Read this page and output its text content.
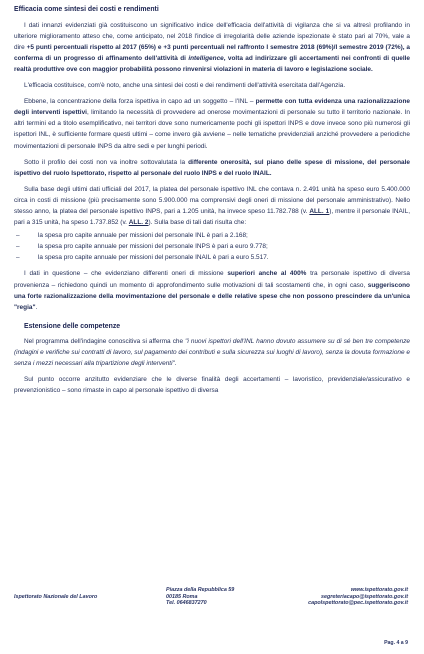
Efficacia come sintesi dei costi e rendimenti

I dati innanzi evidenziati già costituiscono un significativo indice dell'efficacia dell'attività di vigilanza che si va altresì profilando in ulteriore miglioramento atteso che, come anticipato, nel 2018 l'indice di irregolarità delle aziende ispezionate è stato pari al 70%, vale a dire +5 punti percentuali rispetto al 2017 (65%) e +3 punti percentuali nel raffronto I semestre 2018 (69%)/I semestre 2019 (72%), a conferma di un progresso di affinamento dell'attività di intelligence, volta ad indirizzare gli accertamenti nei confronti di quelle realtà produttive ove con maggior probabilità possono rinvenirsi violazioni in materia di lavoro e legislazione sociale.

L'efficacia costituisce, com'è noto, anche una sintesi dei costi e dei rendimenti dell'attività esercitata dall'Agenzia.

Ebbene, la concentrazione della forza ispettiva in capo ad un soggetto – l'INL – permette con tutta evidenza una razionalizzazione degli interventi ispettivi, limitando la necessità di provvedere ad onerose movimentazioni di personale su tutto il territorio nazionale. In altri termini ed a titolo esemplificativo, nei territori dove sono numericamente pochi gli ispettori INPS e dove invece sono più numerosi gli ispettori INL, è sufficiente formare questi ultimi – come invero già avviene – nelle tematiche previdenziali anziché provvedere a periodiche movimentazioni di personale INPS da altre sedi e per lunghi periodi.

Sotto il profilo dei costi non va inoltre sottovalutata la differente onerosità, sul piano delle spese di missione, del personale ispettivo del ruolo Ispettorato, rispetto al personale del ruolo INPS e del ruolo INAIL.

Sulla base degli ultimi dati ufficiali del 2017, la platea del personale ispettivo INL che contava n. 2.491 unità ha speso euro 5.400.000 circa in costi di missione (più precisamente sono 5.900.000 ma comprensivi degli oneri di missione del personale amministrativo). Nello stesso anno, la platea del personale ispettivo INPS, pari a 1.205 unità, ha invece speso 11.782.788 (v. ALL. 1), mentre il personale INAIL, pari a 315 unità, ha speso 1.737.852 (v. ALL. 2). Sulla base di tali dati risulta che:

–	la spesa pro capite annuale per missioni del personale INL è pari a 2.168;
–	la spesa pro capite annuale per missioni del personale INPS è pari a euro 9.778;
–	la spesa pro capite annuale per missioni del personale INAIL è pari a euro 5.517.

I dati in questione – che evidenziano differenti oneri di missione superiori anche al 400% tra personale ispettivo di diversa provenienza – richiedono quindi un momento di approfondimento sulle motivazioni di tali scostamenti che, in ogni caso, suggeriscono una forte razionalizzazione della movimentazione del personale e delle relative spese che non possono prescindere da un'unica "regia".

Estensione delle competenze

Nel programma dell'indagine conoscitiva si afferma che "i nuovi ispettori dell'INL hanno dovuto assumere su di sé ben tre competenze (indagini e verifiche sui contratti di lavoro, sul pagamento dei contributi e sulla sicurezza sui luoghi di lavoro), senza la dovuta formazione e senza i mezzi necessari alla tripartizione degli interventi".

Sul punto occorre anzitutto evidenziare che le diverse finalità degli accertamenti – lavoristico, previdenziale/assicurativo e prevenzionistico – sono rimaste in capo al personale ispettivo di diversa

Ispettorato Nazionale del Lavoro
Piazza della Repubblica 59
00185 Roma
Tel. 0646837270
www.ispettorato.gov.it
segreteriacapo@ispettorato.gov.it
capolspettorato@pec.ispettorato.gov.it
Pag. 4 a 9
